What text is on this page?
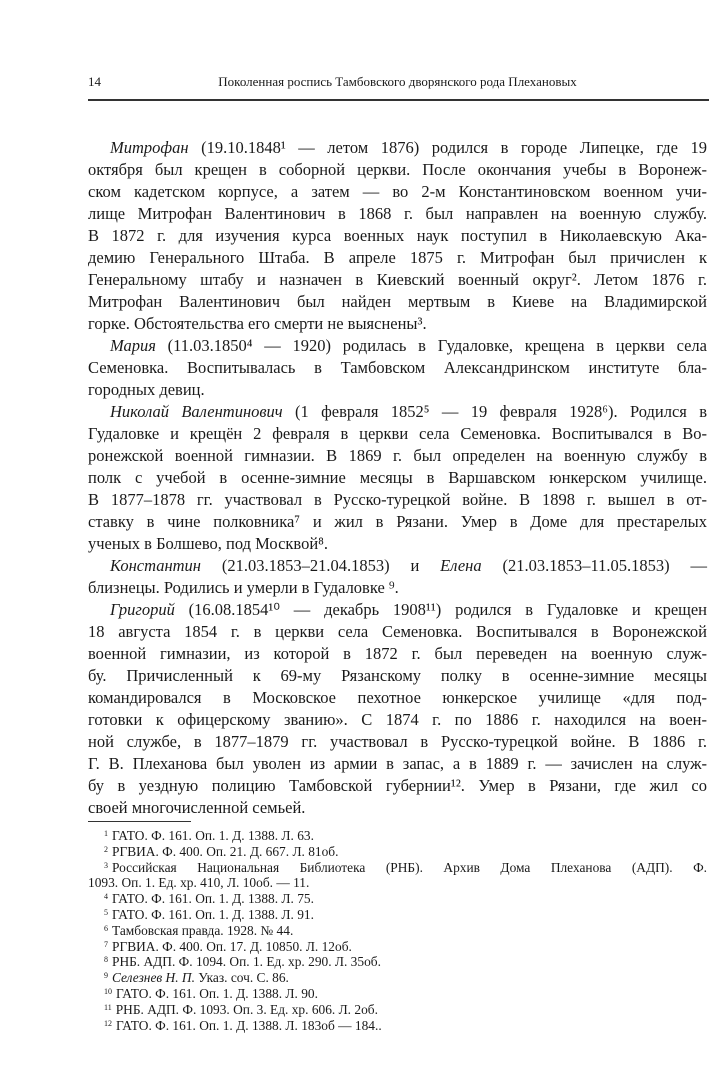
14	Поколенная роспись Тамбовского дворянского рода Плехановых
Митрофан (19.10.1848¹ — летом 1876) родился в городе Липецке, где 19
октября был крещен в соборной церкви. После окончания учебы в Воронеж-
ском кадетском корпусе, а затем — во 2-м Константиновском военном учи-
лище Митрофан Валентинович в 1868 г. был направлен на военную службу.
В 1872 г. для изучения курса военных наук поступил в Николаевскую Ака-
демию Генерального Штаба. В апреле 1875 г. Митрофан был причислен к
Генеральному штабу и назначен в Киевский военный округ². Летом 1876 г.
Митрофан Валентинович был найден мертвым в Киеве на Владимирской
горке. Обстоятельства его смерти не выяснены³.
Мария (11.03.1850⁴ — 1920) родилась в Гудаловке, крещена в церкви села
Семеновка. Воспитывалась в Тамбовском Александринском институте бла-
городных девиц.
Николай Валентинович (1 февраля 1852⁵ — 19 февраля 1928⁶). Родился в
Гудаловке и крещён 2 февраля в церкви села Семеновка. Воспитывался в Во-
ронежской военной гимназии. В 1869 г. был определен на военную службу в
полк с учебой в осенне-зимние месяцы в Варшавском юнкерском училище.
В 1877–1878 гг. участвовал в Русско-турецкой войне. В 1898 г. вышел в от-
ставку в чине полковника⁷ и жил в Рязани. Умер в Доме для престарелых
ученых в Болшево, под Москвой⁸.
Константин (21.03.1853–21.04.1853) и Елена (21.03.1853–11.05.1853) —
близнецы. Родились и умерли в Гудаловке ⁹.
Григорий (16.08.1854¹⁰ — декабрь 1908¹¹) родился в Гудаловке и крещен
18 августа 1854 г. в церкви села Семеновка. Воспитывался в Воронежской
военной гимназии, из которой в 1872 г. был переведен на военную служ-
бу. Причисленный к 69-му Рязанскому полку в осенне-зимние месяцы
командировался в Московское пехотное юнкерское училище «для под-
готовки к офицерскому званию». С 1874 г. по 1886 г. находился на воен-
ной службе, в 1877–1879 гг. участвовал в Русско-турецкой войне. В 1886 г.
Г. В. Плеханова был уволен из армии в запас, а в 1889 г. — зачислен на служ-
бу в уездную полицию Тамбовской губернии¹². Умер в Рязани, где жил со
своей многочисленной семьей.
$^1$ ГАТО. Ф. 161. Оп. 1. Д. 1388. Л. 63.
$^2$ РГВИА. Ф. 400. Оп. 21. Д. 667. Л. 81об.
$^3$ Российская Национальная Библиотека (РНБ). Архив Дома Плеханова (АДП). Ф.
1093. Оп. 1. Ед. хр. 410, Л. 10об. — 11.
$^4$ ГАТО. Ф. 161. Оп. 1. Д. 1388. Л. 75.
$^5$ ГАТО. Ф. 161. Оп. 1. Д. 1388. Л. 91.
$^6$ Тамбовская правда. 1928. № 44.
$^7$ РГВИА. Ф. 400. Оп. 17. Д. 10850. Л. 12об.
$^8$ РНБ. АДП. Ф. 1094. Оп. 1. Ед. хр. 290. Л. 35об.
$^9$ Селезнев Н. П. Указ. соч. С. 86.
$^{10}$ ГАТО. Ф. 161. Оп. 1. Д. 1388. Л. 90.
$^{11}$ РНБ. АДП. Ф. 1093. Оп. 3. Ед. хр. 606. Л. 2об.
$^{12}$ ГАТО. Ф. 161. Оп. 1. Д. 1388. Л. 183об — 184..
